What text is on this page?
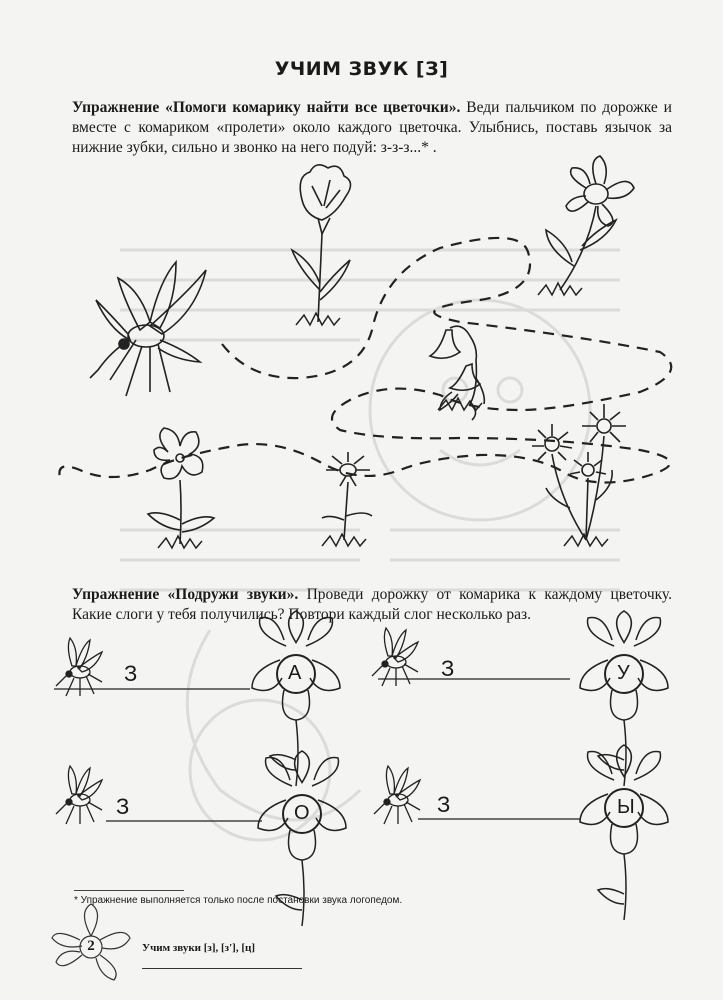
УЧИМ ЗВУК [З]
Упражнение «Помоги комарику найти все цветочки». Веди пальчиком по дорожке и вместе с комариком «пролети» около каждого цветочка. Улыбнись, поставь язычок за нижние зубки, сильно и звонко на него подуй: з-з-з...* .
Упражнение «Подружи звуки». Проведи дорожку от комарика к каждому цветочку. Какие слоги у тебя получились? Повтори каждый слог несколько раз.
З	З
З	З
А	У
О	Ы
* Упражнение выполняется только после постановки звука логопедом.
2	Учим звуки [з], [з'], [ц]
